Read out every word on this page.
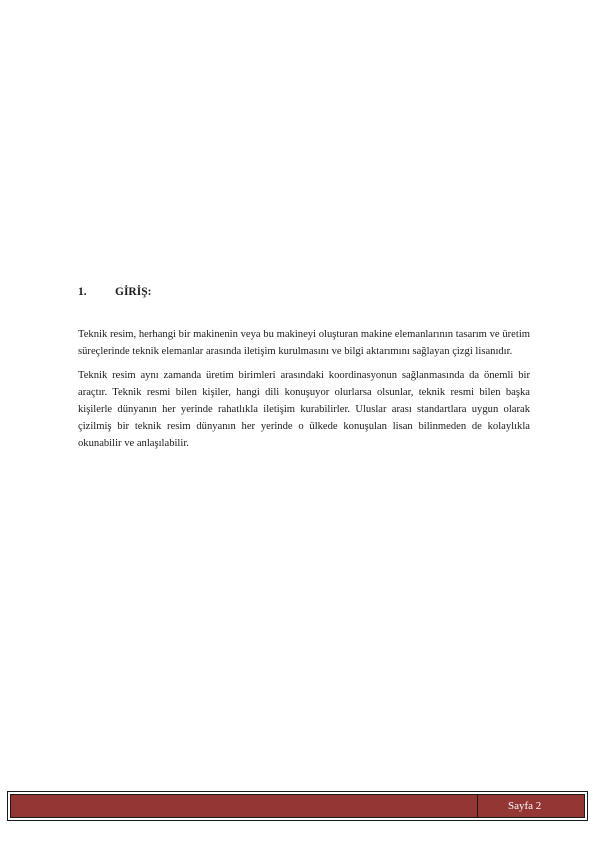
1.	GİRİŞ:

Teknik resim, herhangi bir makinenin veya bu makineyi oluşturan makine elemanlarının tasarım ve üretim süreçlerinde teknik elemanlar arasında iletişim kurulmasını ve bilgi aktarımını sağlayan çizgi lisanıdır.

Teknik resim aynı zamanda üretim birimleri arasındaki koordinasyonun sağlanmasında da önemli bir araçtır. Teknik resmi bilen kişiler, hangi dili konuşuyor olurlarsa olsunlar, teknik resmi bilen başka kişilerle dünyanın her yerinde rahatlıkla iletişim kurabilirler. Uluslar arası standartlara uygun olarak çizilmiş bir teknik resim dünyanın her yerinde o ülkede konuşulan lisan bilinmeden de kolaylıkla okunabilir ve anlaşılabilir.

Sayfa 2
